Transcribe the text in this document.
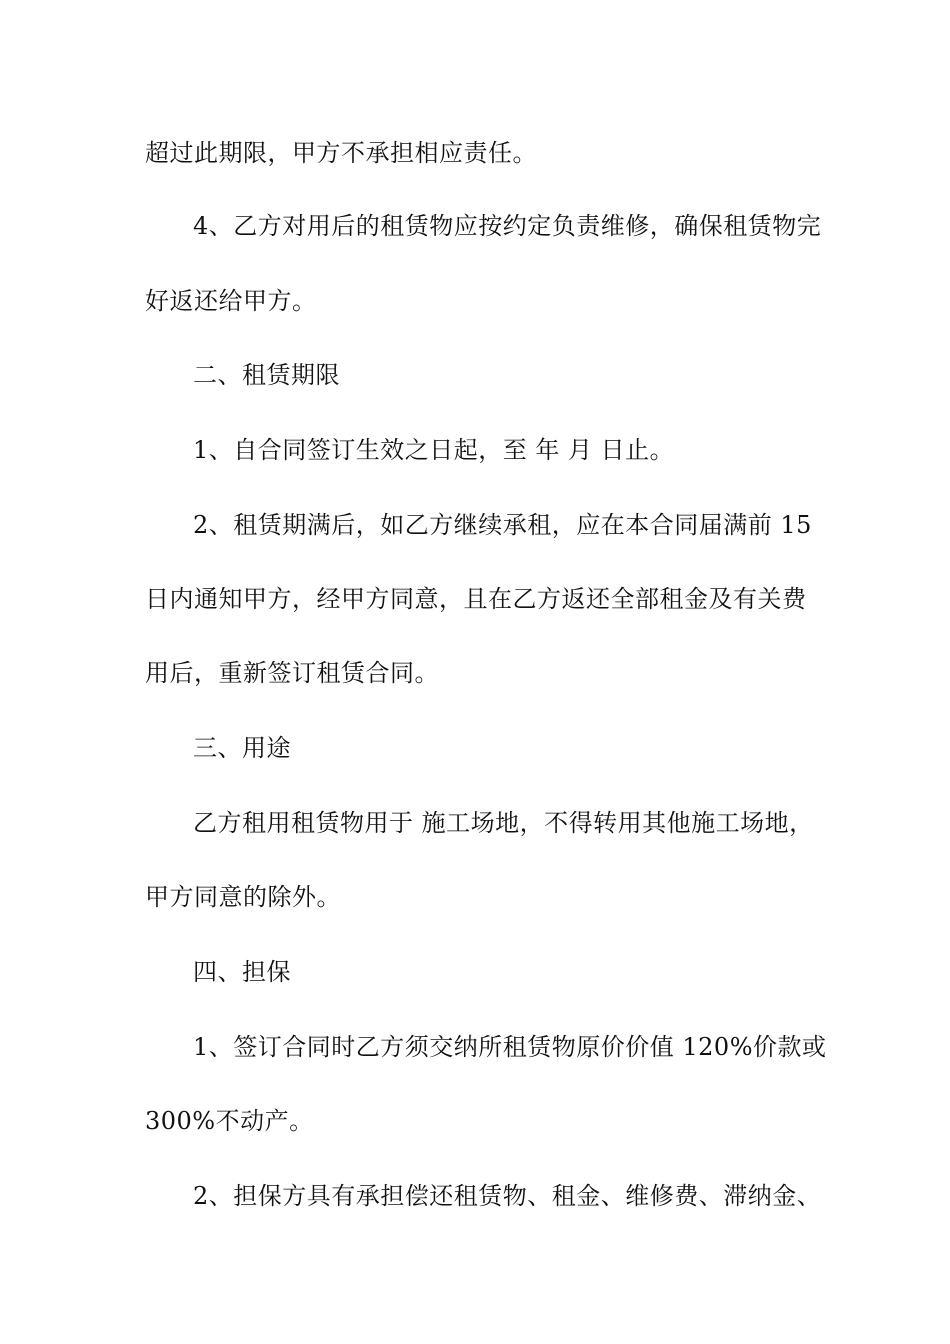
超过此期限，甲方不承担相应责任。
4、乙方对用后的租赁物应按约定负责维修，确保租赁物完
好返还给甲方。
二、租赁期限
1、自合同签订生效之日起，至 年 月 日止。
2、租赁期满后，如乙方继续承租，应在本合同届满前 15
日内通知甲方，经甲方同意，且在乙方返还全部租金及有关费
用后，重新签订租赁合同。
三、用途
乙方租用租赁物用于 施工场地，不得转用其他施工场地，
甲方同意的除外。
四、担保
1、签订合同时乙方须交纳所租赁物原价价值 120%价款或
300%不动产。
2、担保方具有承担偿还租赁物、租金、维修费、滞纳金、
